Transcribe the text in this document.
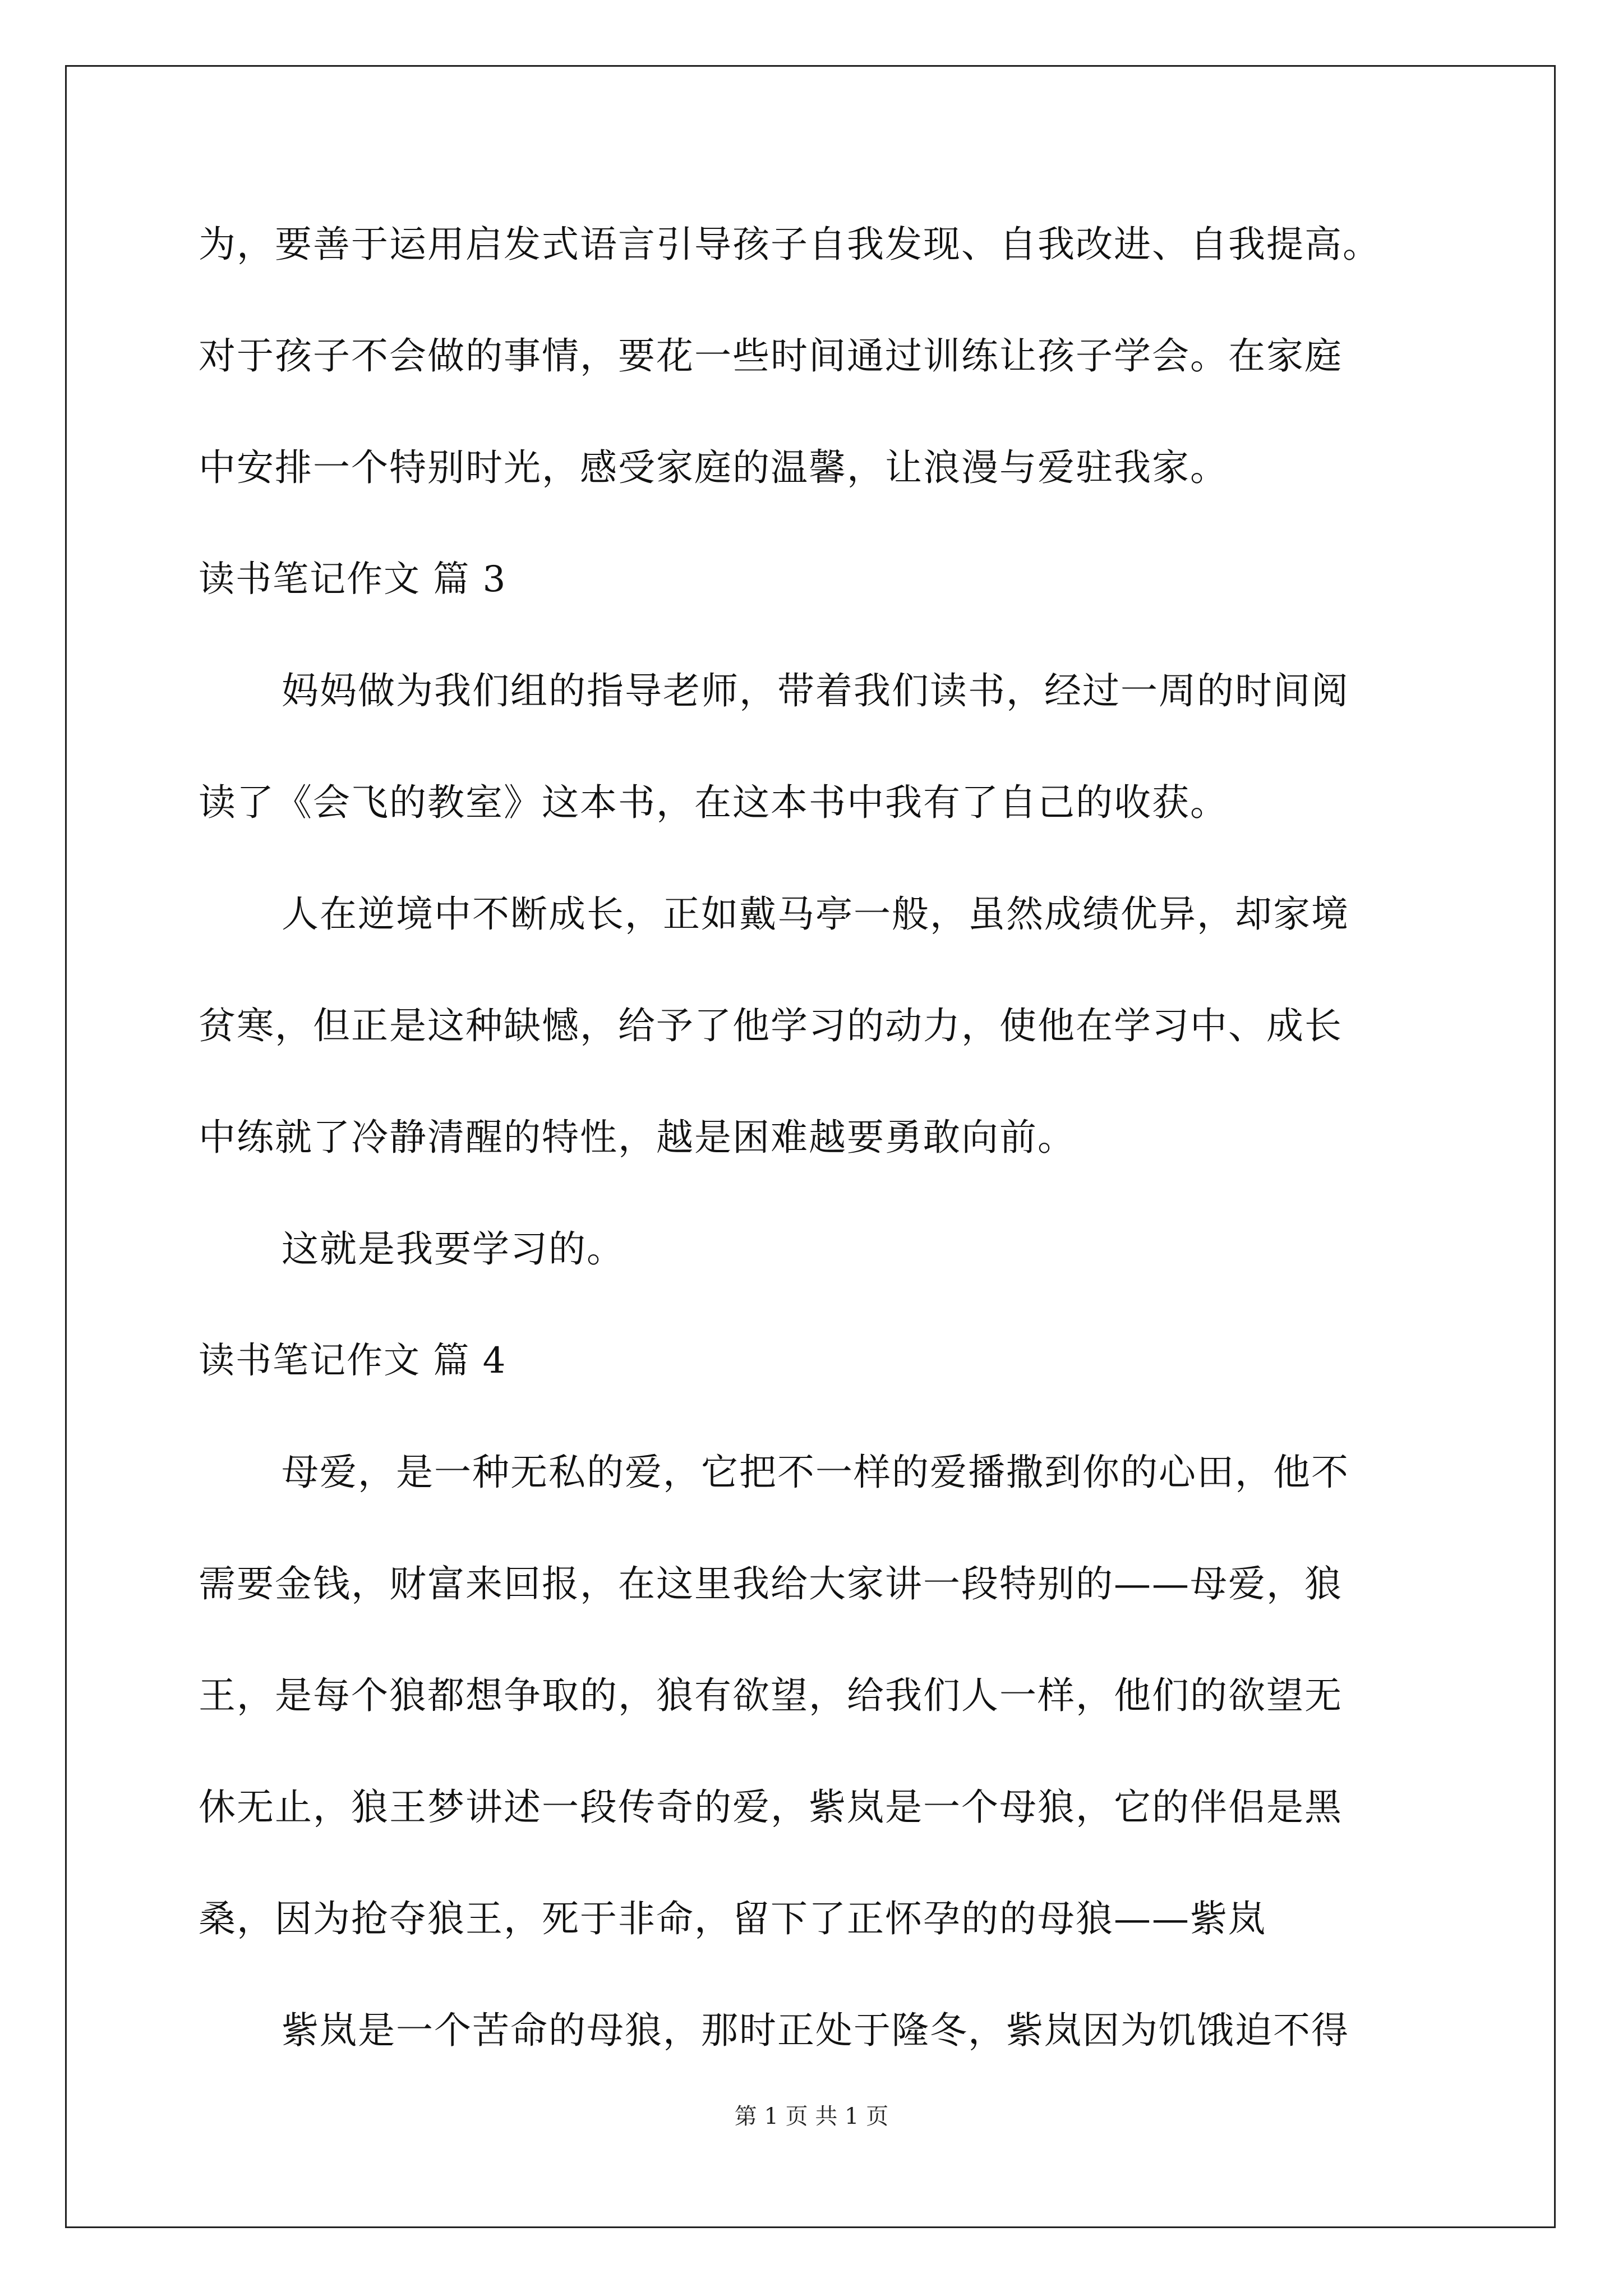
为，要善于运用启发式语言引导孩子自我发现、自我改进、自我提高。
对于孩子不会做的事情，要花一些时间通过训练让孩子学会。在家庭
中安排一个特别时光，感受家庭的温馨，让浪漫与爱驻我家。
读书笔记作文 篇 3
妈妈做为我们组的指导老师，带着我们读书，经过一周的时间阅
读了《会飞的教室》这本书，在这本书中我有了自己的收获。
人在逆境中不断成长，正如戴马亭一般，虽然成绩优异，却家境
贫寒，但正是这种缺憾，给予了他学习的动力，使他在学习中、成长
中练就了冷静清醒的特性，越是困难越要勇敢向前。
这就是我要学习的。
读书笔记作文 篇 4
母爱，是一种无私的爱，它把不一样的爱播撒到你的心田，他不
需要金钱，财富来回报，在这里我给大家讲一段特别的——母爱，狼
王，是每个狼都想争取的，狼有欲望，给我们人一样，他们的欲望无
休无止，狼王梦讲述一段传奇的爱，紫岚是一个母狼，它的伴侣是黑
桑，因为抢夺狼王，死于非命，留下了正怀孕的的母狼——紫岚
紫岚是一个苦命的母狼，那时正处于隆冬，紫岚因为饥饿迫不得
第 1 页 共 1 页
